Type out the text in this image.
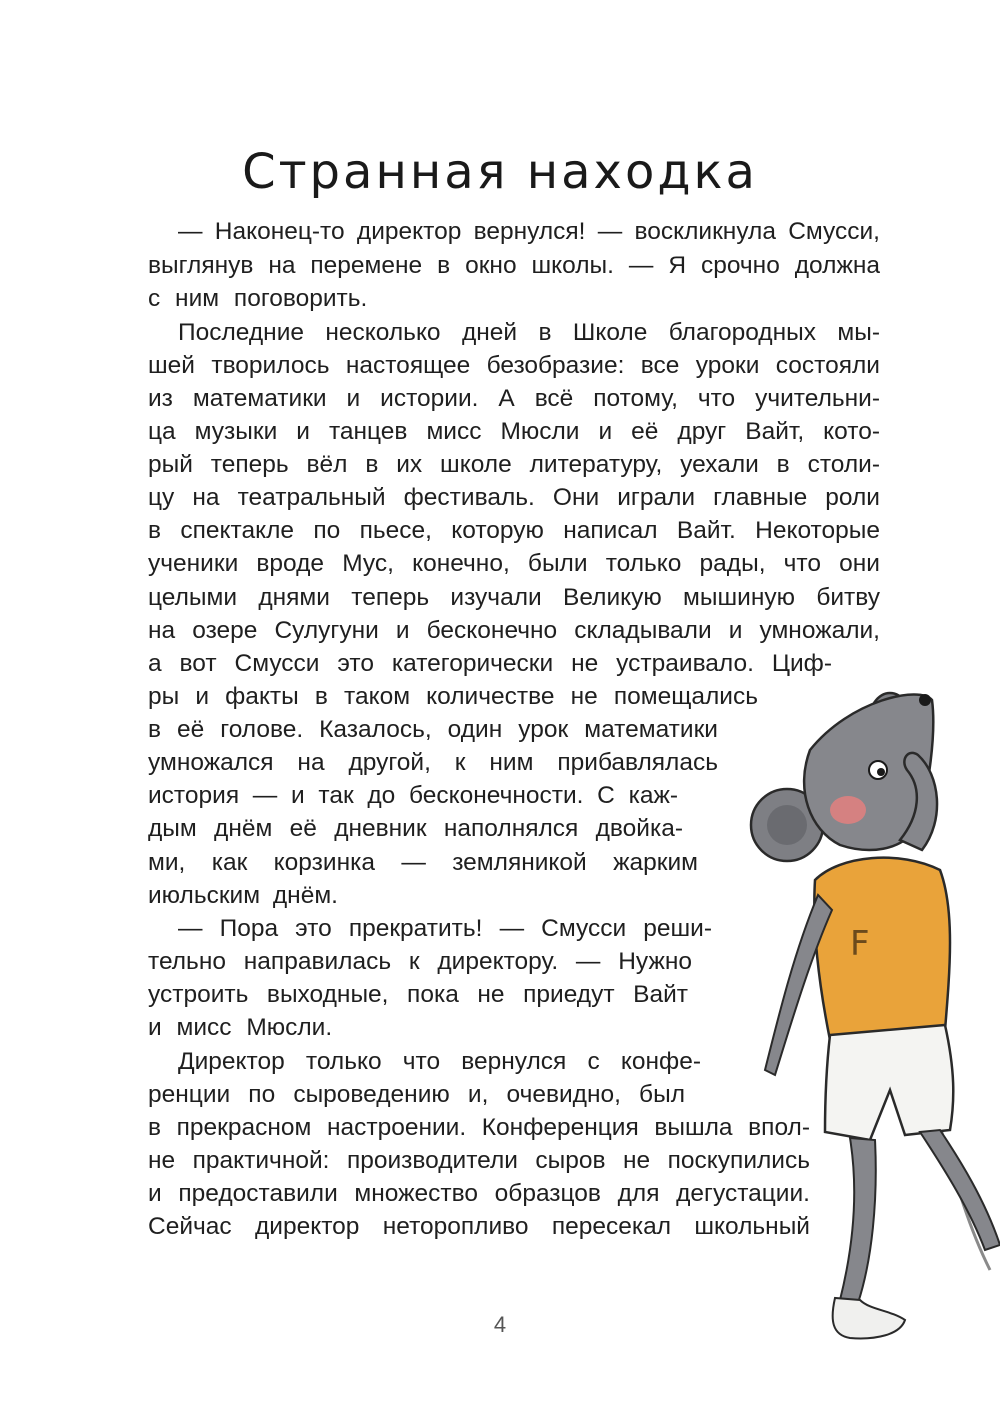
Странная находка
— Наконец-то директор вернулся! — воскликнула Смусси,
выглянув на перемене в окно школы. — Я срочно должна
с ним поговорить.
Последние несколько дней в Школе благородных мы-
шей творилось настоящее безобразие: все уроки состояли
из математики и истории. А всё потому, что учительни-
ца музыки и танцев мисс Мюсли и её друг Вайт, кото-
рый теперь вёл в их школе литературу, уехали в столи-
цу на театральный фестиваль. Они играли главные роли
в спектакле по пьесе, которую написал Вайт. Некоторые
ученики вроде Мус, конечно, были только рады, что они
целыми днями теперь изучали Великую мышиную битву
на озере Сулугуни и бесконечно складывали и умножали,
а вот Смусси это категорически не устраивало. Циф-
ры и факты в таком количестве не помещались
в её голове. Казалось, один урок математики
умножался на другой, к ним прибавлялась
история — и так до бесконечности. С каж-
дым днём её дневник наполнялся двойка-
ми, как корзинка — земляникой жарким
июльским днём.
— Пора это прекратить! — Смусси реши-
тельно направилась к директору. — Нужно
устроить выходные, пока не приедут Вайт
и мисс Мюсли.
Директор только что вернулся с конфе-
ренции по сыроведению и, очевидно, был
в прекрасном настроении. Конференция вышла впол-
не практичной: производители сыров не поскупились
и предоставили множество образцов для дегустации.
Сейчас директор неторопливо пересекал школьный
F
4
